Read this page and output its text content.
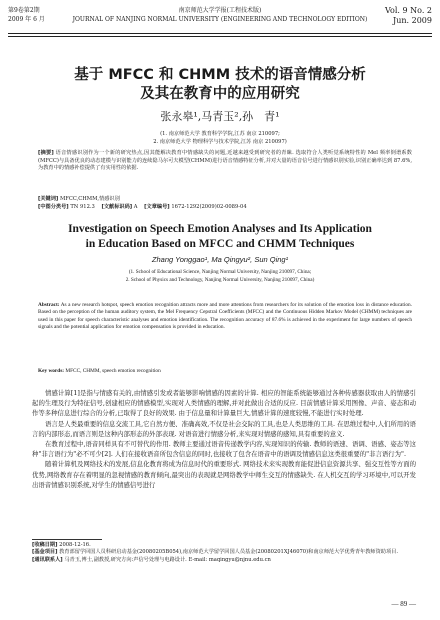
第9卷第2期
2009 年 6 月
南京师范大学学报(工程技术版)
JOURNAL OF NANJING NORMAL UNIVERSITY (ENGINEERING AND TECHNOLOGY EDITION)
Vol. 9 No. 2
Jun. 2009
基于 MFCC 和 CHMM 技术的语音情感分析
及其在教育中的应用研究
张永皋¹,马青玉²,孙　青¹
(1. 南京师范大学 教育科学学院,江苏 南京 210097;
2. 南京师范大学 物理科学与技术学院,江苏 南京 210097)
[摘要] 语音情感识别作为一个新的研究热点,因其能解决教育中情感缺失的问题,近越来越受到研究者的青睐. 选取符合人类听觉系统特性的 Mel 频率倒谱系数(MFCC)与具备优良的动态建模与识别能力的连续隐马尔可夫模型(CHMM)进行语音情感特征分析,并对大量的语音信号进行情感识别实验,识别正确率达到 87.6%,为教育中的情感补偿提供了有实用性的依据.
[关键词] MFCC,CHMM,情感识别
[中图分类号] TN 912.3 [文献标识码] A [文章编号] 1672-1292(2009)02-0089-04
Investigation on Speech Emotion Analyses and Its Application
in Education Based on MFCC and CHMM Techniques
Zhang Yonggao¹, Ma Qingyu², Sun Qing¹
(1. School of Educational Science, Nanjing Normal University, Nanjing 210097, China;
2. School of Physics and Technology, Nanjing Normal University, Nanjing 210097, China)
Abstract: As a new research hotspot, speech emotion recognition attracts more and more attentions from researchers for its solution of the emotion loss in distance education. Based on the perception of the human auditory system, the Mel Frequency Cepstral Coefficients (MFCC) and the Continuous Hidden Markov Model (CHMM) techniques are used in this paper for speech characteristic analyses and emotion identification. The recognition accuracy of 87.6% is achieved in the experiment for large numbers of speech signals and the potential application for emotion compensation is provided in education.
Key words: MFCC, CHMM, speech emotion recognition

情感计算[1]是指与情感有关的,由情感引发或者能够影响情感的因素的计算. 相应的智能系统能够通过各种传感器获取由人的情感引起的生理及行为特征信号,创建相应的情感模型,实现对人类情感的理解,并对此做出合适的反应. 目前情感计算采用图像、声音、姿态和动作等多种信息进行综合的分析,已取得了良好的效果. 由于信息量和计算量巨大,情感计算的速度较慢,不能进行实时处理.

语言是人类最重要的信息交流工具,它自然方便、准确高效,不仅是社会交际的工具,也是人类思维的工具. 在思维过程中,人们所用的语言的内部形态,而语言则是这种内部形态的外部表现. 对语音进行情感分析,来实现对情感的感知,具有重要的意义.

在教育过程中,语音同样具有不可替代的作用. 教师主要通过语音传递教学内容,实现知识的传输. 教师的语速、语调、语感、姿态等这种"非言语行为"必不可少[2]. 人们在接收语音所包含信息的同时,也接收了包含在语音中的语调及情感信息这类很重要的"非言语行为".

随着计算机及网络技术的发展,信息化教育将成为信息时代的重要形式. 网络技术来实现教育能促进信息资源共享、强交互性等方面的优势,网络教育存在着明显的忽视情感的教育倾向,最突出的表现就是网络教学中师生交互的情感缺失. 在人机交互的学习环境中,可以开发出语音情感识别系统,对学生的情感信号进行

[收稿日期] 2008-12-16.
[基金项目] 教育部留学回国人员科研启动基金(20080205B054),南京师范大学留学回国人员基金(20080201XJ46070)和南京师范大学优秀青年教师资助项目.
[通讯联系人] 马青玉,博士,副教授,研究方向:声信号处理与电路设计. E-mail: maqingyu@njnu.edu.cn
— 89 —
